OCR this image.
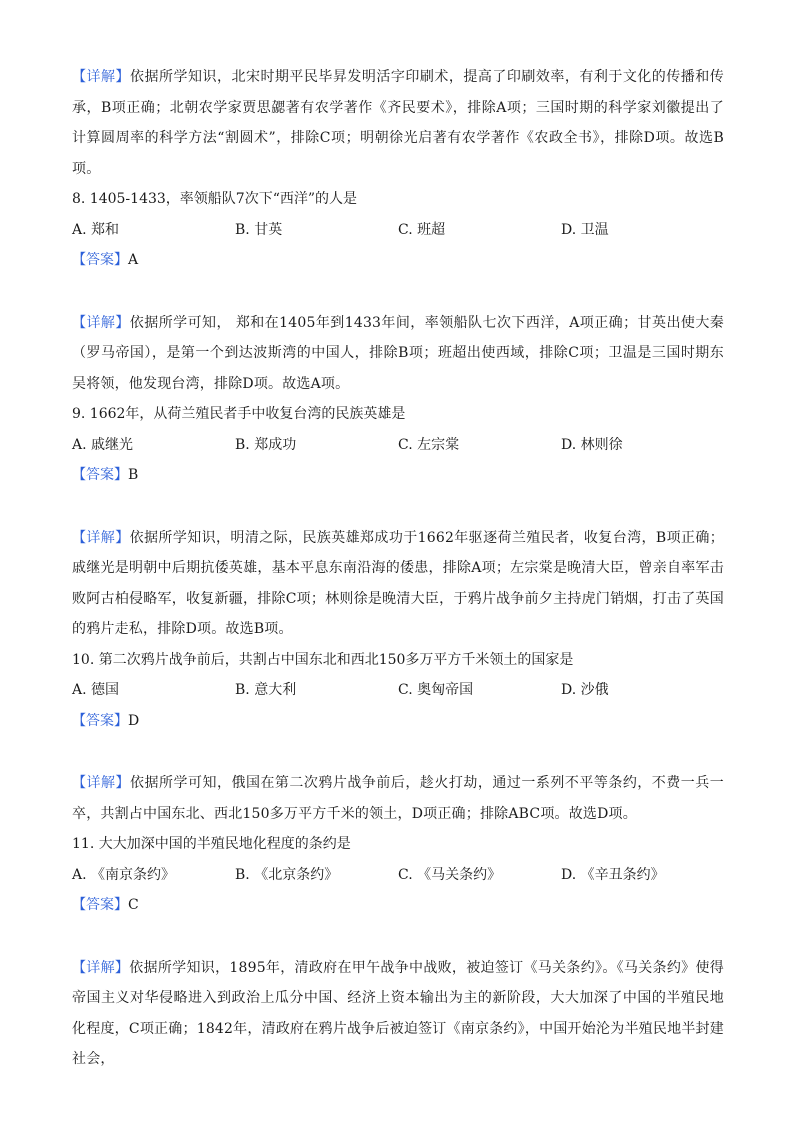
【详解】依据所学知识，北宋时期平民毕昇发明活字印刷术，提高了印刷效率，有利于文化的传播和传承，B项正确；北朝农学家贾思勰著有农学著作《齐民要术》，排除A项；三国时期的科学家刘徽提出了计算圆周率的科学方法“割圆术”，排除C项；明朝徐光启著有农学著作《农政全书》，排除D项。故选B项。

8. 1405-1433，率领船队7次下“西洋”的人是

A. 郑和	B. 甘英	C. 班超	D. 卫温

【答案】A

【详解】依据所学可知， 郑和在1405年到1433年间，率领船队七次下西洋，A项正确；甘英出使大秦（罗马帝国），是第一个到达波斯湾的中国人，排除B项；班超出使西域，排除C项；卫温是三国时期东吴将领，他发现台湾，排除D项。故选A项。

9. 1662年，从荷兰殖民者手中收复台湾的民族英雄是

A. 戚继光	B. 郑成功	C. 左宗棠	D. 林则徐

【答案】B

【详解】依据所学知识，明清之际，民族英雄郑成功于1662年驱逐荷兰殖民者，收复台湾，B项正确；戚继光是明朝中后期抗倭英雄，基本平息东南沿海的倭患，排除A项；左宗棠是晚清大臣，曾亲自率军击败阿古柏侵略军，收复新疆，排除C项；林则徐是晚清大臣，于鸦片战争前夕主持虎门销烟，打击了英国的鸦片走私，排除D项。故选B项。

10. 第二次鸦片战争前后，共割占中国东北和西北150多万平方千米领土的国家是

A. 德国	B. 意大利	C. 奥匈帝国	D. 沙俄

【答案】D

【详解】依据所学可知，俄国在第二次鸦片战争前后，趁火打劫，通过一系列不平等条约，不费一兵一卒，共割占中国东北、西北150多万平方千米的领土，D项正确；排除ABC项。故选D项。

11. 大大加深中国的半殖民地化程度的条约是

A. 《南京条约》	B. 《北京条约》	C. 《马关条约》	D. 《辛丑条约》

【答案】C

【详解】依据所学知识，1895年，清政府在甲午战争中战败，被迫签订《马关条约》。《马关条约》使得帝国主义对华侵略进入到政治上瓜分中国、经济上资本输出为主的新阶段，大大加深了中国的半殖民地化程度，C项正确；1842年，清政府在鸦片战争后被迫签订《南京条约》，中国开始沦为半殖民地半封建社会，
